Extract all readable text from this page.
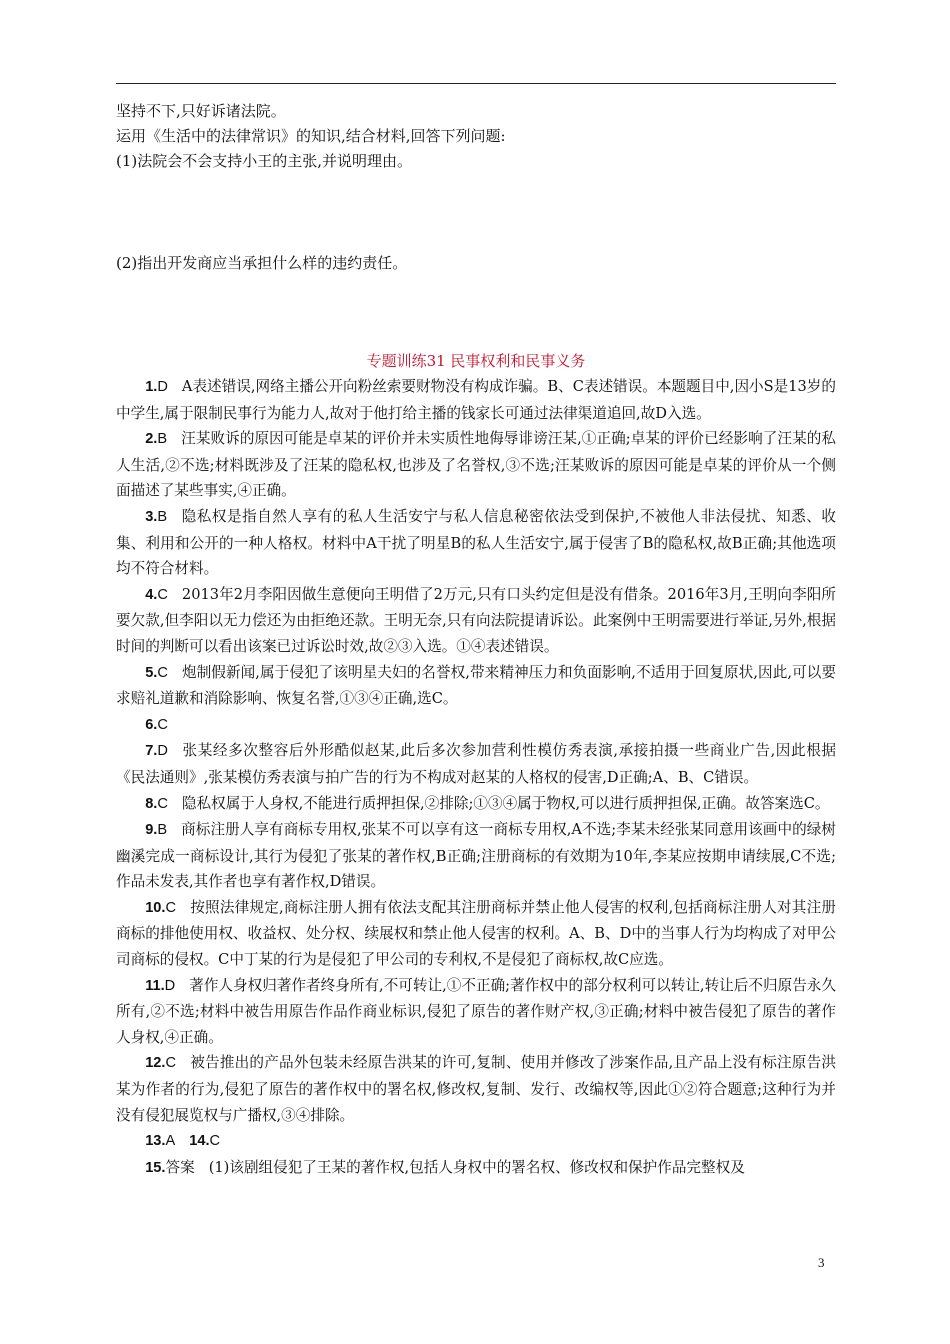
坚持不下,只好诉诸法院。
运用《生活中的法律常识》的知识,结合材料,回答下列问题:
(1)法院会不会支持小王的主张,并说明理由。
(2)指出开发商应当承担什么样的违约责任。
专题训练31 民事权利和民事义务

1.D A表述错误,网络主播公开向粉丝索要财物没有构成诈骗。B、C表述错误。本题题目中,因小S是13岁的中学生,属于限制民事行为能力人,故对于他打给主播的钱家长可通过法律渠道追回,故D入选。

2.B 汪某败诉的原因可能是卓某的评价并未实质性地侮辱诽谤汪某,①正确;卓某的评价已经影响了汪某的私人生活,②不选;材料既涉及了汪某的隐私权,也涉及了名誉权,③不选;汪某败诉的原因可能是卓某的评价从一个侧面描述了某些事实,④正确。

3.B 隐私权是指自然人享有的私人生活安宁与私人信息秘密依法受到保护,不被他人非法侵扰、知悉、收集、利用和公开的一种人格权。材料中A干扰了明星B的私人生活安宁,属于侵害了B的隐私权,故B正确;其他选项均不符合材料。

4.C 2013年2月李阳因做生意便向王明借了2万元,只有口头约定但是没有借条。2016年3月,王明向李阳所要欠款,但李阳以无力偿还为由拒绝还款。王明无奈,只有向法院提请诉讼。此案例中王明需要进行举证,另外,根据时间的判断可以看出该案已过诉讼时效,故②③入选。①④表述错误。

5.C 炮制假新闻,属于侵犯了该明星夫妇的名誉权,带来精神压力和负面影响,不适用于回复原状,因此,可以要求赔礼道歉和消除影响、恢复名誉,①③④正确,选C。

6.C

7.D 张某经多次整容后外形酷似赵某,此后多次参加营利性模仿秀表演,承接拍摄一些商业广告,因此根据《民法通则》,张某模仿秀表演与拍广告的行为不构成对赵某的人格权的侵害,D正确;A、B、C错误。

8.C 隐私权属于人身权,不能进行质押担保,②排除;①③④属于物权,可以进行质押担保,正确。故答案选C。

9.B 商标注册人享有商标专用权,张某不可以享有这一商标专用权,A不选;李某未经张某同意用该画中的绿树幽溪完成一商标设计,其行为侵犯了张某的著作权,B正确;注册商标的有效期为10年,李某应按期申请续展,C不选;作品未发表,其作者也享有著作权,D错误。

10.C 按照法律规定,商标注册人拥有依法支配其注册商标并禁止他人侵害的权利,包括商标注册人对其注册商标的排他使用权、收益权、处分权、续展权和禁止他人侵害的权利。A、B、D中的当事人行为均构成了对甲公司商标的侵权。C中丁某的行为是侵犯了甲公司的专利权,不是侵犯了商标权,故C应选。

11.D 著作人身权归著作者终身所有,不可转让,①不正确;著作权中的部分权利可以转让,转让后不归原告永久所有,②不选;材料中被告用原告作品作商业标识,侵犯了原告的著作财产权,③正确;材料中被告侵犯了原告的著作人身权,④正确。

12.C 被告推出的产品外包装未经原告洪某的许可,复制、使用并修改了涉案作品,且产品上没有标注原告洪某为作者的行为,侵犯了原告的著作权中的署名权,修改权,复制、发行、改编权等,因此①②符合题意;这种行为并没有侵犯展览权与广播权,③④排除。

13.A 14.C

15.答案 (1)该剧组侵犯了王某的著作权,包括人身权中的署名权、修改权和保护作品完整权及

3
